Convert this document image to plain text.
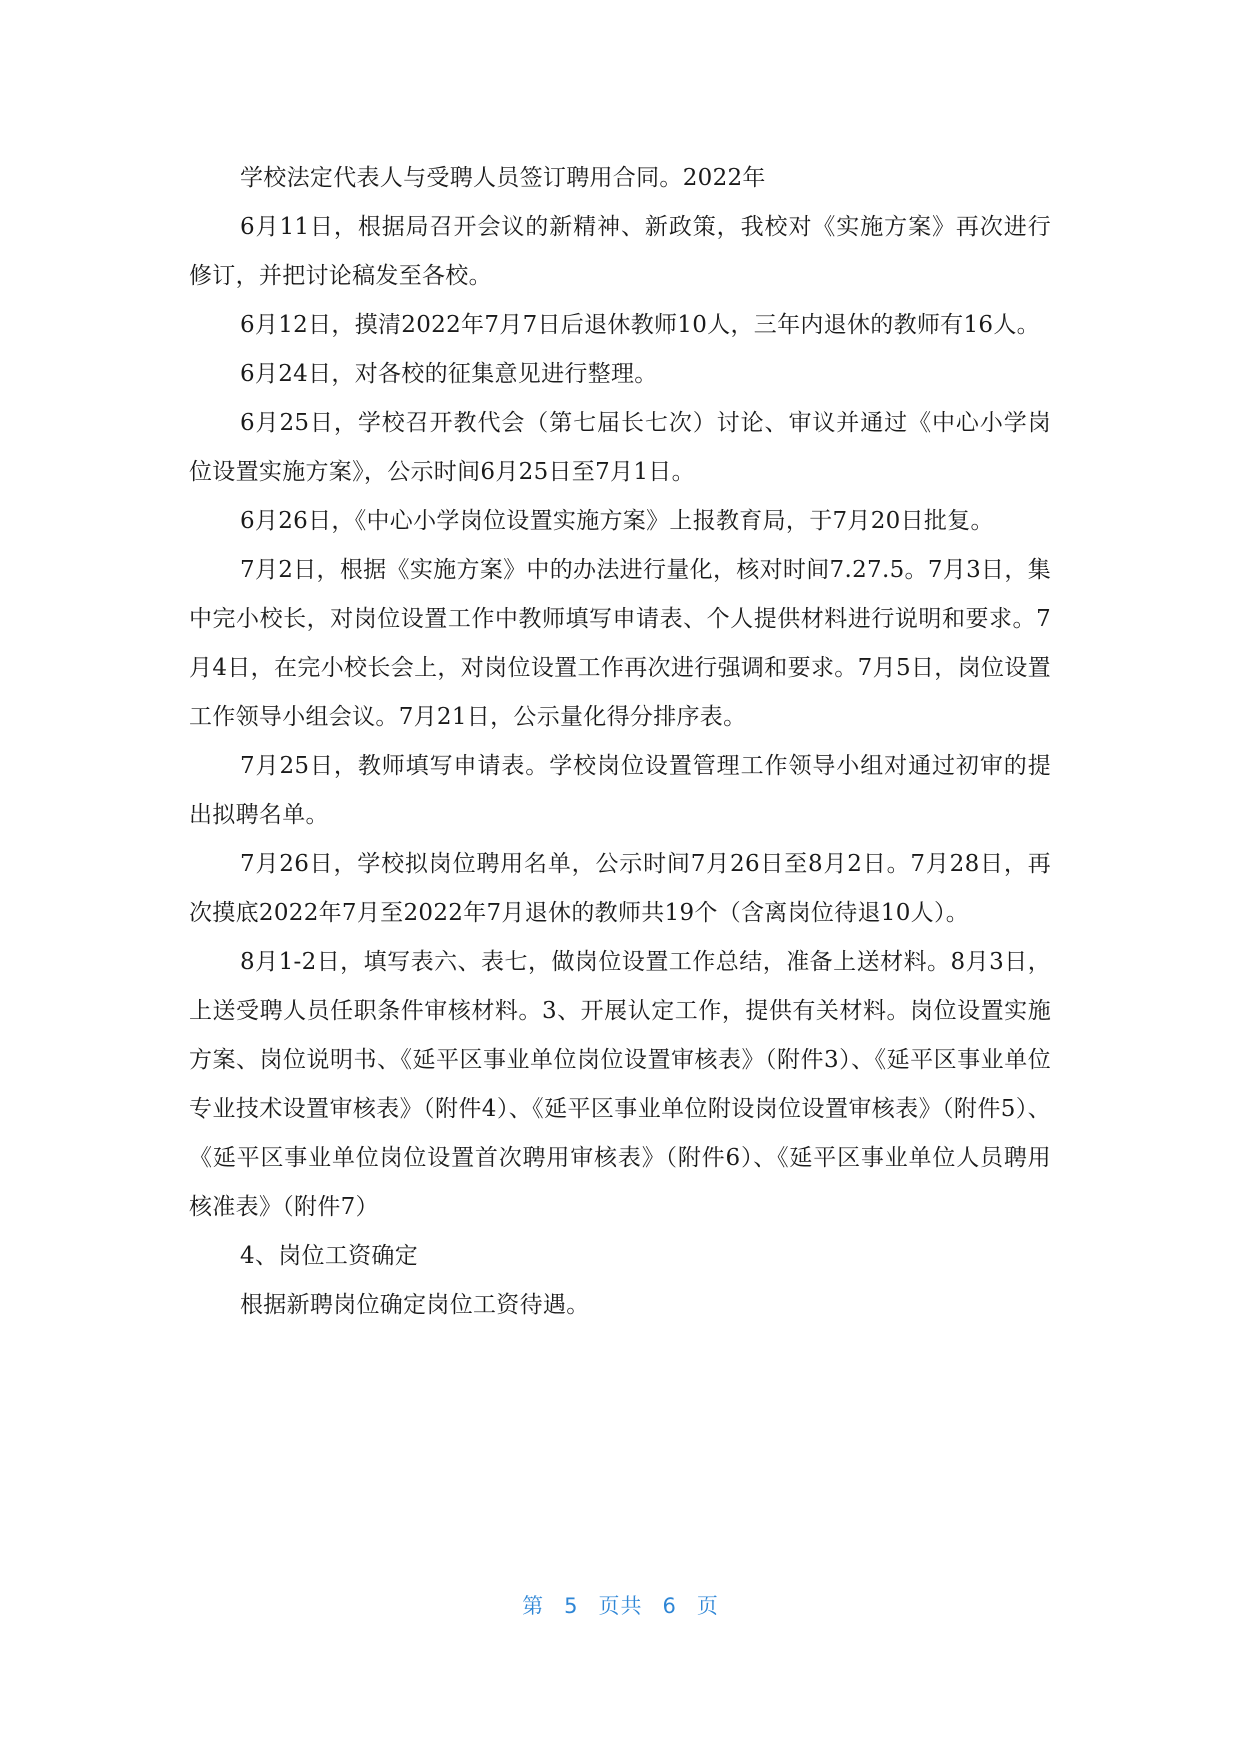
学校法定代表人与受聘人员签订聘用合同。2022年

6月11日，根据局召开会议的新精神、新政策，我校对《实施方案》再次进行修订，并把讨论稿发至各校。

6月12日，摸清2022年7月7日后退休教师10人，三年内退休的教师有16人。

6月24日，对各校的征集意见进行整理。

6月25日，学校召开教代会（第七届长七次）讨论、审议并通过《中心小学岗位设置实施方案》，公示时间6月25日至7月1日。

6月26日，《中心小学岗位设置实施方案》上报教育局，于7月20日批复。

7月2日，根据《实施方案》中的办法进行量化，核对时间7.27.5。7月3日，集中完小校长，对岗位设置工作中教师填写申请表、个人提供材料进行说明和要求。7月4日，在完小校长会上，对岗位设置工作再次进行强调和要求。7月5日，岗位设置工作领导小组会议。7月21日，公示量化得分排序表。

7月25日，教师填写申请表。学校岗位设置管理工作领导小组对通过初审的提出拟聘名单。

7月26日，学校拟岗位聘用名单，公示时间7月26日至8月2日。7月28日，再次摸底2022年7月至2022年7月退休的教师共19个（含离岗位待退10人）。

8月1-2日，填写表六、表七，做岗位设置工作总结，准备上送材料。8月3日，上送受聘人员任职条件审核材料。3、开展认定工作，提供有关材料。岗位设置实施方案、岗位说明书、《延平区事业单位岗位设置审核表》（附件3）、《延平区事业单位专业技术设置审核表》（附件4）、《延平区事业单位附设岗位设置审核表》（附件5）、《延平区事业单位岗位设置首次聘用审核表》（附件6）、《延平区事业单位人员聘用核准表》（附件7）

4、岗位工资确定

根据新聘岗位确定岗位工资待遇。

第 5 页共 6 页
